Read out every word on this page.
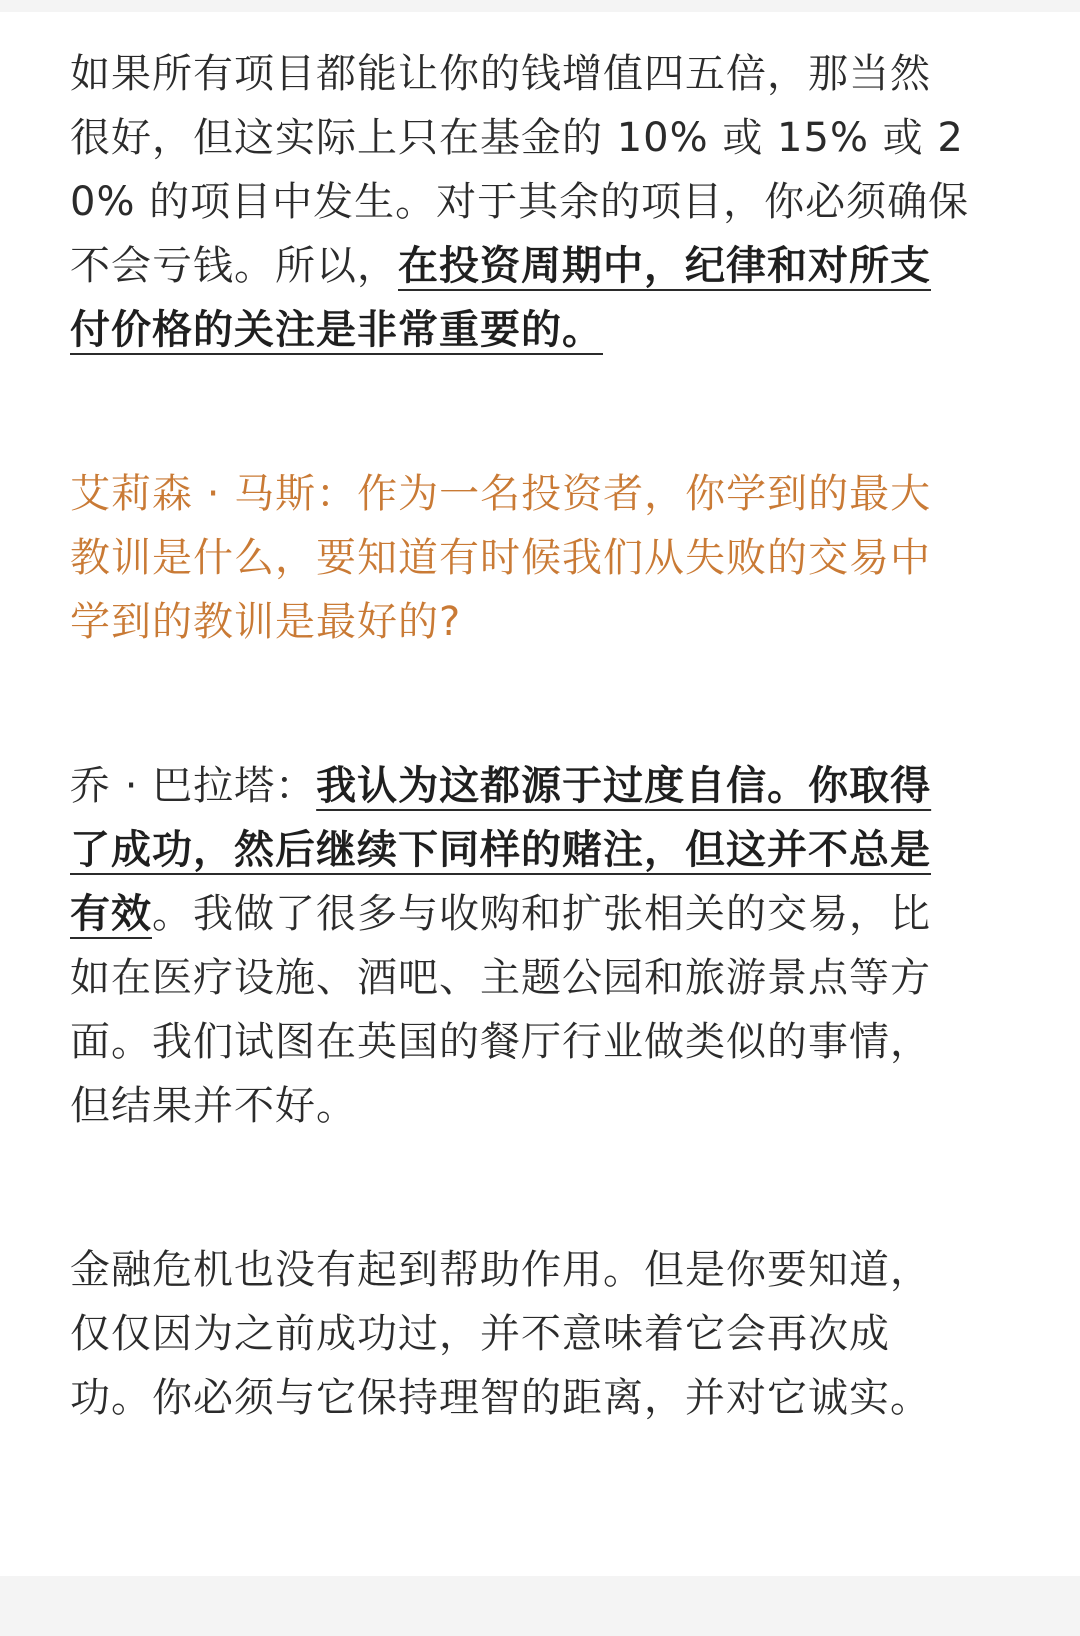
如果所有项目都能让你的钱增值四五倍，那当然很好，但这实际上只在基金的 10% 或 15% 或 20% 的项目中发生。对于其余的项目，你必须确保不会亏钱。所以，在投资周期中，纪律和对所支付价格的关注是非常重要的。

艾莉森 · 马斯：作为一名投资者，你学到的最大教训是什么，要知道有时候我们从失败的交易中学到的教训是最好的?

乔 · 巴拉塔：我认为这都源于过度自信。你取得了成功，然后继续下同样的赌注，但这并不总是有效。我做了很多与收购和扩张相关的交易，比如在医疗设施、酒吧、主题公园和旅游景点等方面。我们试图在英国的餐厅行业做类似的事情，但结果并不好。

金融危机也没有起到帮助作用。但是你要知道，仅仅因为之前成功过，并不意味着它会再次成功。你必须与它保持理智的距离，并对它诚实。
